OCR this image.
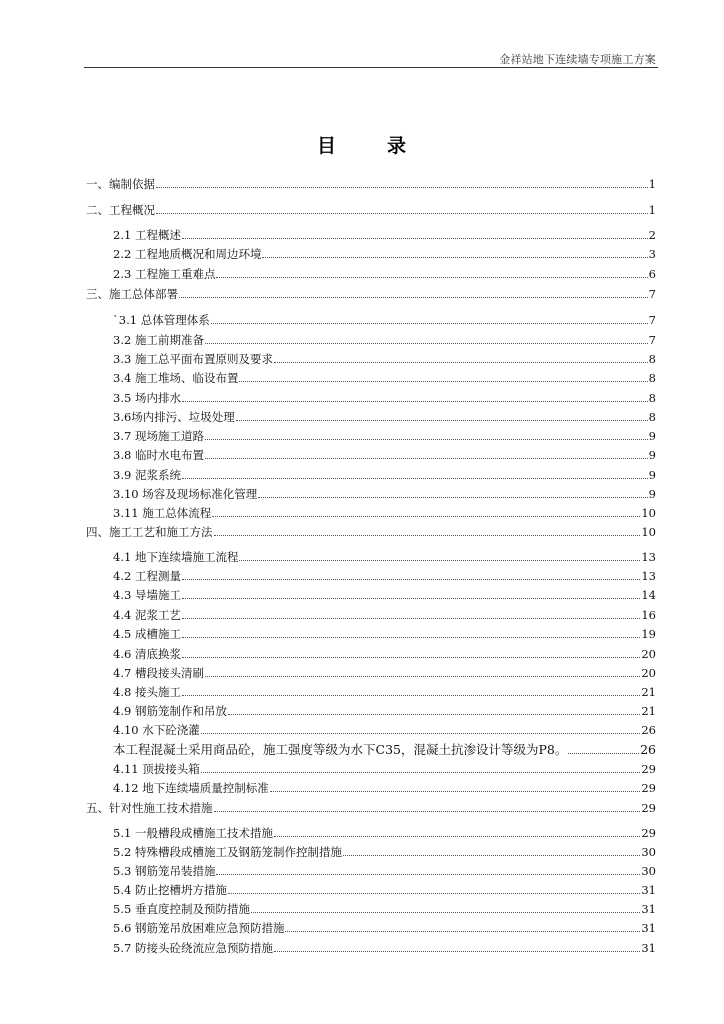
金祥站地下连续墙专项施工方案
目	录
一、编制依据	1
二、工程概况	1
2.1 工程概述	2
2.2 工程地质概况和周边环境	3
2.3 工程施工重难点	6
三、施工总体部署	7
`3.1 总体管理体系	7
3.2 施工前期准备	7
3.3 施工总平面布置原则及要求	8
3.4 施工堆场、临设布置	8
3.5 场内排水	8
3.6场内排污、垃圾处理	8
3.7 现场施工道路	9
3.8 临时水电布置	9
3.9 泥浆系统	9
3.10 场容及现场标准化管理	9
3.11 施工总体流程	10
四、施工工艺和施工方法	10
4.1 地下连续墙施工流程	13
4.2 工程测量	13
4.3 导墙施工	14
4.4 泥浆工艺	16
4.5 成槽施工	19
4.6 清底换浆	20
4.7 槽段接头清刷	20
4.8 接头施工	21
4.9 钢筋笼制作和吊放	21
4.10 水下砼浇灌	26
本工程混凝土采用商品砼，施工强度等级为水下C35，混凝土抗渗设计等级为P8。	26
4.11 顶拔接头箱	29
4.12 地下连续墙质量控制标准	29
五、针对性施工技术措施	29
5.1 一般槽段成槽施工技术措施	29
5.2 特殊槽段成槽施工及钢筋笼制作控制措施	30
5.3 钢筋笼吊装措施	30
5.4 防止挖槽坍方措施	31
5.5 垂直度控制及预防措施	31
5.6 钢筋笼吊放困难应急预防措施	31
5.7 防接头砼绕流应急预防措施	31
